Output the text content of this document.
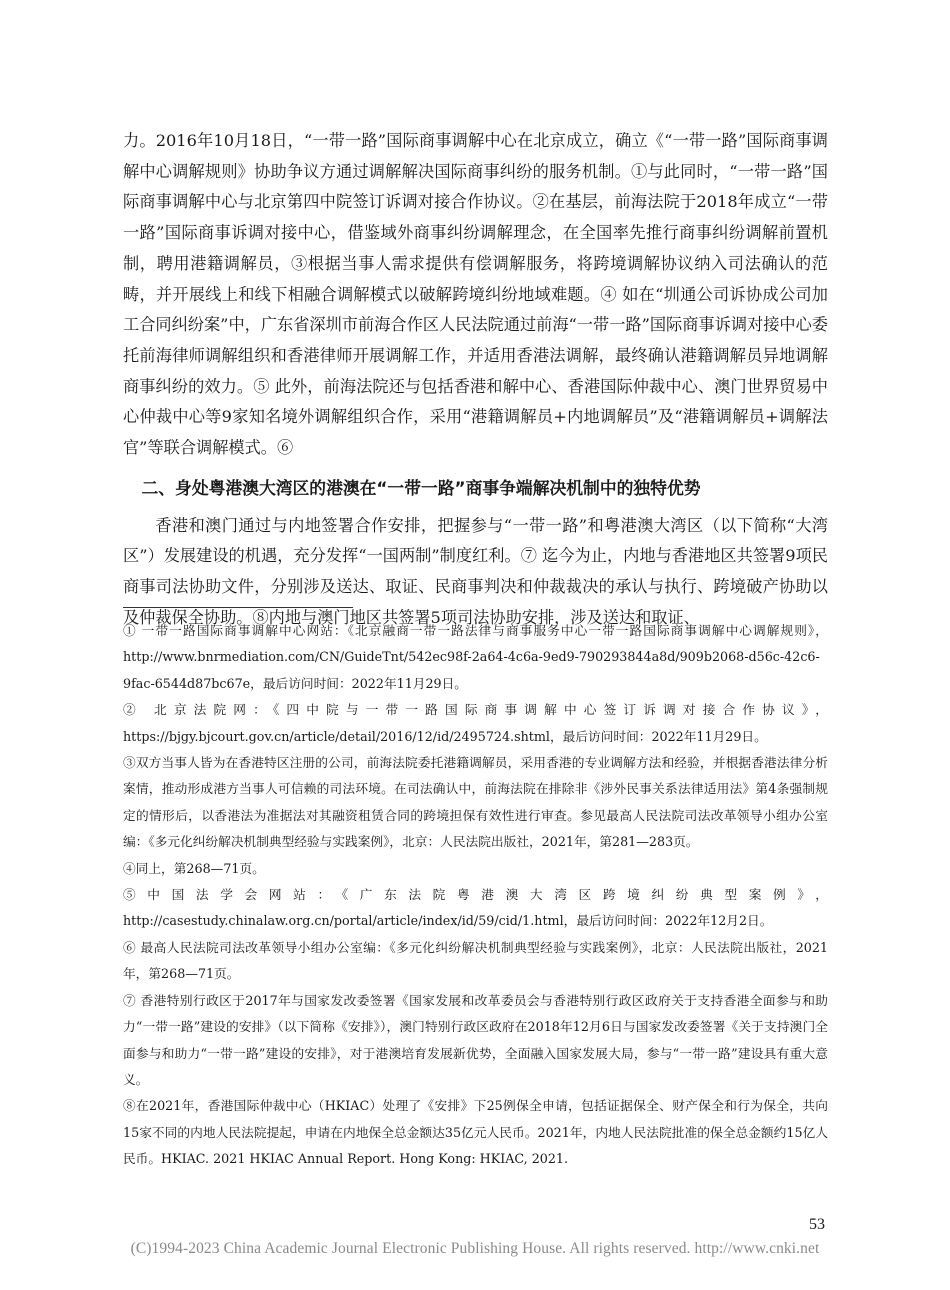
力。2016年10月18日，“一带一路”国际商事调解中心在北京成立，确立《“一带一路”国际商事调解中心调解规则》协助争议方通过调解解决国际商事纠纷的服务机制。①与此同时，“一带一路”国际商事调解中心与北京第四中院签订诉调对接合作协议。②在基层，前海法院于2018年成立“一带一路”国际商事诉调对接中心，借鉴域外商事纠纷调解理念，在全国率先推行商事纠纷调解前置机制，聘用港籍调解员，③根据当事人需求提供有偿调解服务，将跨境调解协议纳入司法确认的范畴，并开展线上和线下相融合调解模式以破解跨境纠纷地域难题。④ 如在“圳通公司诉协成公司加工合同纠纷案”中，广东省深圳市前海合作区人民法院通过前海“一带一路”国际商事诉调对接中心委托前海律师调解组织和香港律师开展调解工作，并适用香港法调解，最终确认港籍调解员异地调解商事纠纷的效力。⑤ 此外，前海法院还与包括香港和解中心、香港国际仲裁中心、澳门世界贸易中心仲裁中心等9家知名境外调解组织合作，采用“港籍调解员+内地调解员”及“港籍调解员+调解法官”等联合调解模式。⑥

二、身处粤港澳大湾区的港澳在“一带一路”商事争端解决机制中的独特优势

香港和澳门通过与内地签署合作安排，把握参与“一带一路”和粤港澳大湾区（以下简称“大湾区”）发展建设的机遇，充分发挥“一国两制”制度红利。⑦ 迄今为止，内地与香港地区共签署9项民商事司法协助文件，分别涉及送达、取证、民商事判决和仲裁裁决的承认与执行、跨境破产协助以及仲裁保全协助。⑧内地与澳门地区共签署5项司法协助安排，涉及送达和取证、

① 一带一路国际商事调解中心网站：《北京融商一带一路法律与商事服务中心一带一路国际商事调解中心调解规则》，http://www.bnrmediation.com/CN/GuideTnt/542ec98f-2a64-4c6a-9ed9-790293844a8d/909b2068-d56c-42c6-9fac-6544d87bc67e，最后访问时间：2022年11月29日。

② 北京法院网：《四中院与一带一路国际商事调解中心签订诉调对接合作协议》，https://bjgy.bjcourt.gov.cn/article/detail/2016/12/id/2495724.shtml，最后访问时间：2022年11月29日。

③双方当事人皆为在香港特区注册的公司，前海法院委托港籍调解员，采用香港的专业调解方法和经验，并根据香港法律分析案情，推动形成港方当事人可信赖的司法环境。在司法确认中，前海法院在排除非《涉外民事关系法律适用法》第4条强制规定的情形后，以香港法为准据法对其融资租赁合同的跨境担保有效性进行审查。参见最高人民法院司法改革领导小组办公室编：《多元化纠纷解决机制典型经验与实践案例》，北京：人民法院出版社，2021年，第281—283页。

④同上，第268—71页。

⑤中国法学会网站：《广东法院粤港澳大湾区跨境纠纷典型案例》，http://casestudy.chinalaw.org.cn/portal/article/index/id/59/cid/1.html，最后访问时间：2022年12月2日。

⑥ 最高人民法院司法改革领导小组办公室编：《多元化纠纷解决机制典型经验与实践案例》，北京：人民法院出版社，2021年，第268—71页。

⑦ 香港特别行政区于2017年与国家发改委签署《国家发展和改革委员会与香港特别行政区政府关于支持香港全面参与和助力“一带一路”建设的安排》（以下简称《安排》），澳门特别行政区政府在2018年12月6日与国家发改委签署《关于支持澳门全面参与和助力“一带一路”建设的安排》，对于港澳培育发展新优势，全面融入国家发展大局，参与“一带一路”建设具有重大意义。

⑧在2021年，香港国际仲裁中心（HKIAC）处理了《安排》下25例保全申请，包括证据保全、财产保全和行为保全，共向15家不同的内地人民法院提起，申请在内地保全总金额达35亿元人民币。2021年，内地人民法院批准的保全总金额约15亿人民币。HKIAC. 2021 HKIAC Annual Report. Hong Kong: HKIAC, 2021.

53
(C)1994-2023 China Academic Journal Electronic Publishing House. All rights reserved. http://www.cnki.net
